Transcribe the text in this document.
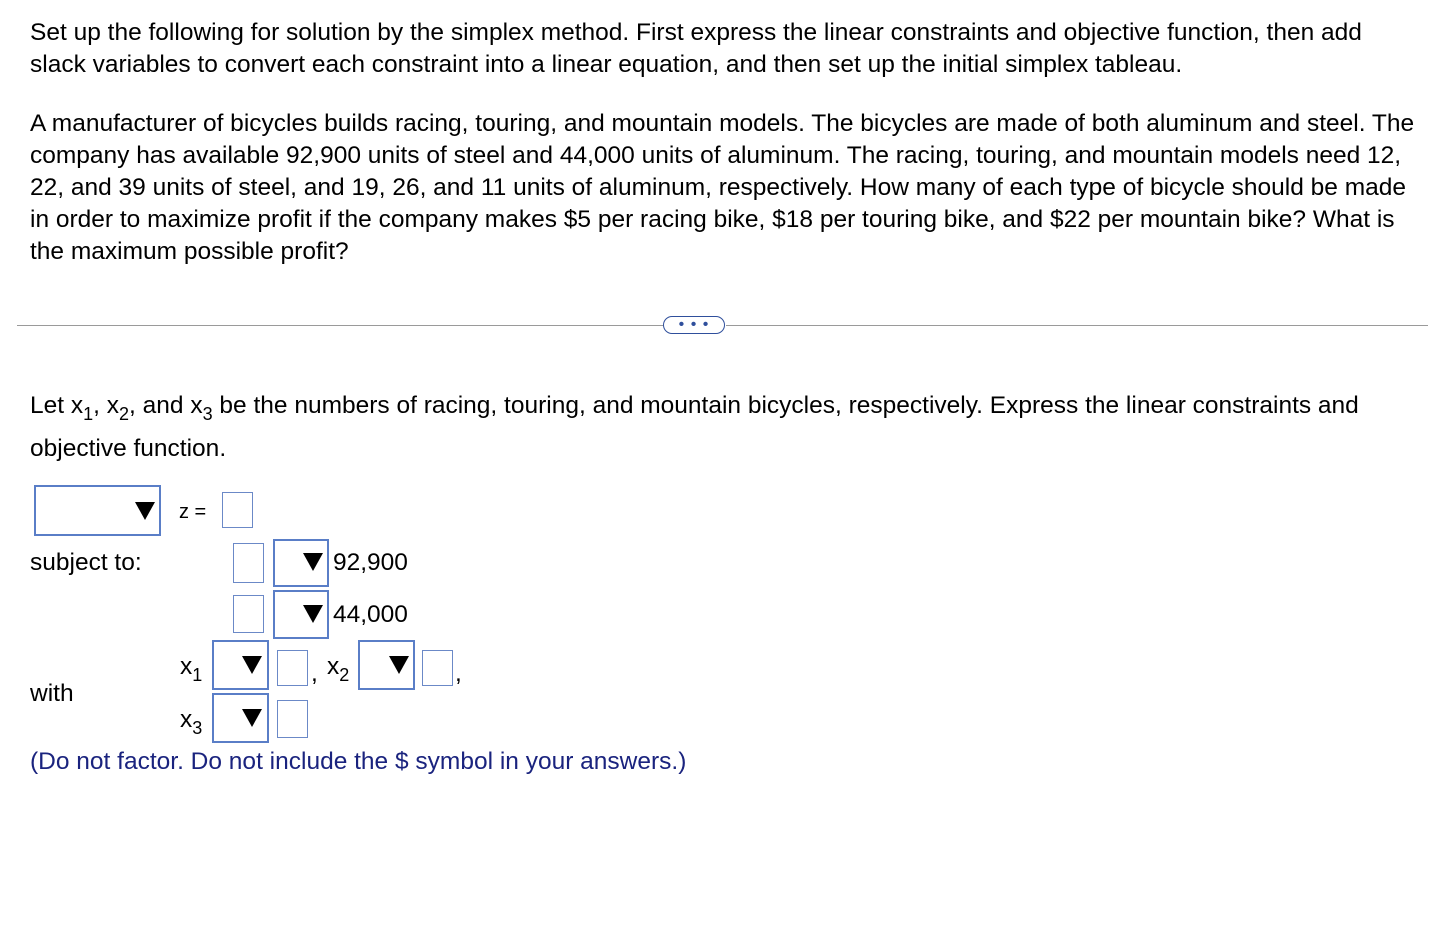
Set up the following for solution by the simplex method. First express the linear constraints and objective function, then add slack variables to convert each constraint into a linear equation, and then set up the initial simplex tableau.

A manufacturer of bicycles builds racing, touring, and mountain models. The bicycles are made of both aluminum and steel. The company has available 92,900 units of steel and 44,000 units of aluminum. The racing, touring, and mountain models need 12, 22, and 39 units of steel, and 19, 26, and 11 units of aluminum, respectively. How many of each type of bicycle should be made in order to maximize profit if the company makes $5 per racing bike, $18 per touring bike, and $22 per mountain bike? What is the maximum possible profit?

• • •

Let $x_1$, $x_2$, and $x_3$ be the numbers of racing, touring, and mountain bicycles, respectively. Express the linear constraints and objective function.

z =
subject to:	92,900
44,000
with
$x_1$	, $x_2$	,
$x_3$
(Do not factor. Do not include the $ symbol in your answers.)
